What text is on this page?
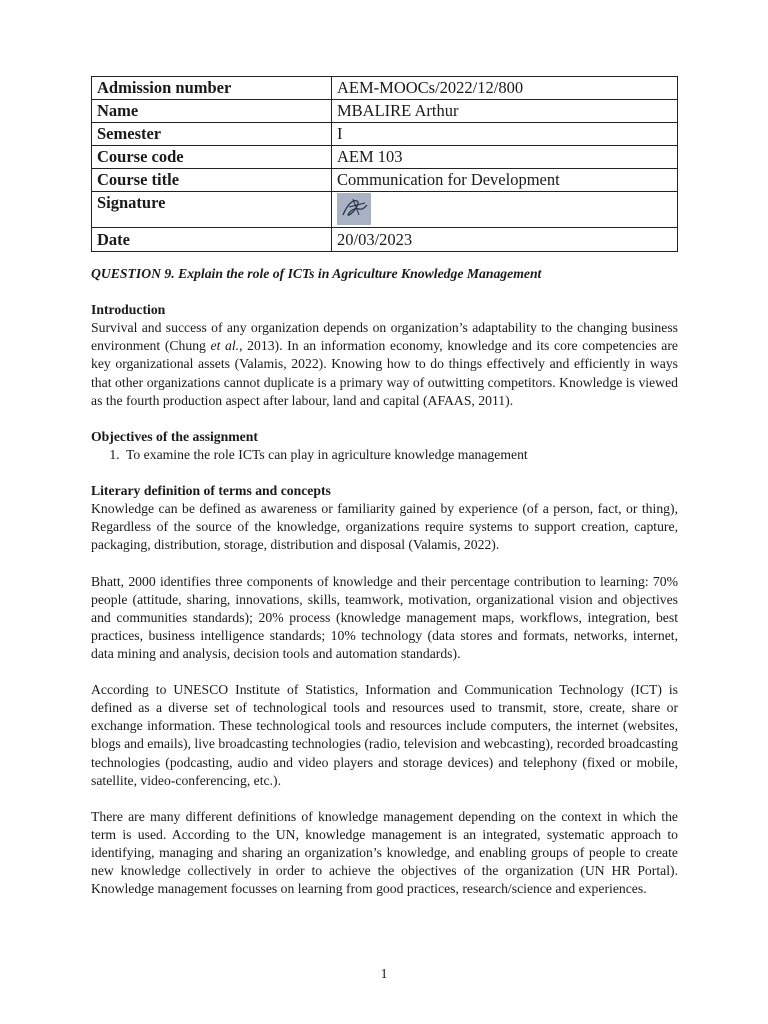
Admission number	AEM-MOOCs/2022/12/800
Name	MBALIRE Arthur
Semester	I
Course code	AEM 103
Course title	Communication for Development
Signature	

Date	20/03/2023

QUESTION 9. Explain the role of ICTs in Agriculture Knowledge Management

Introduction

Survival and success of any organization depends on organization’s adaptability to the changing business environment (Chung et al., 2013). In an information economy, knowledge and its core competencies are key organizational assets (Valamis, 2022). Knowing how to do things effectively and efficiently in ways that other organizations cannot duplicate is a primary way of outwitting competitors. Knowledge is viewed as the fourth production aspect after labour, land and capital (AFAAS, 2011).

Objectives of the assignment
1. To examine the role ICTs can play in agriculture knowledge management
Literary definition of terms and concepts

Knowledge can be defined as awareness or familiarity gained by experience (of a person, fact, or thing), Regardless of the source of the knowledge, organizations require systems to support creation, capture, packaging, distribution, storage, distribution and disposal (Valamis, 2022).

Bhatt, 2000 identifies three components of knowledge and their percentage contribution to learning: 70% people (attitude, sharing, innovations, skills, teamwork, motivation, organizational vision and objectives and communities standards); 20% process (knowledge management maps, workflows, integration, best practices, business intelligence standards; 10% technology (data stores and formats, networks, internet, data mining and analysis, decision tools and automation standards).

According to UNESCO Institute of Statistics, Information and Communication Technology (ICT) is defined as a diverse set of technological tools and resources used to transmit, store, create, share or exchange information. These technological tools and resources include computers, the internet (websites, blogs and emails), live broadcasting technologies (radio, television and webcasting), recorded broadcasting technologies (podcasting, audio and video players and storage devices) and telephony (fixed or mobile, satellite, video-conferencing, etc.).

There are many different definitions of knowledge management depending on the context in which the term is used. According to the UN, knowledge management is an integrated, systematic approach to identifying, managing and sharing an organization’s knowledge, and enabling groups of people to create new knowledge collectively in order to achieve the objectives of the organization (UN HR Portal). Knowledge management focusses on learning from good practices, research/science and experiences.

1
